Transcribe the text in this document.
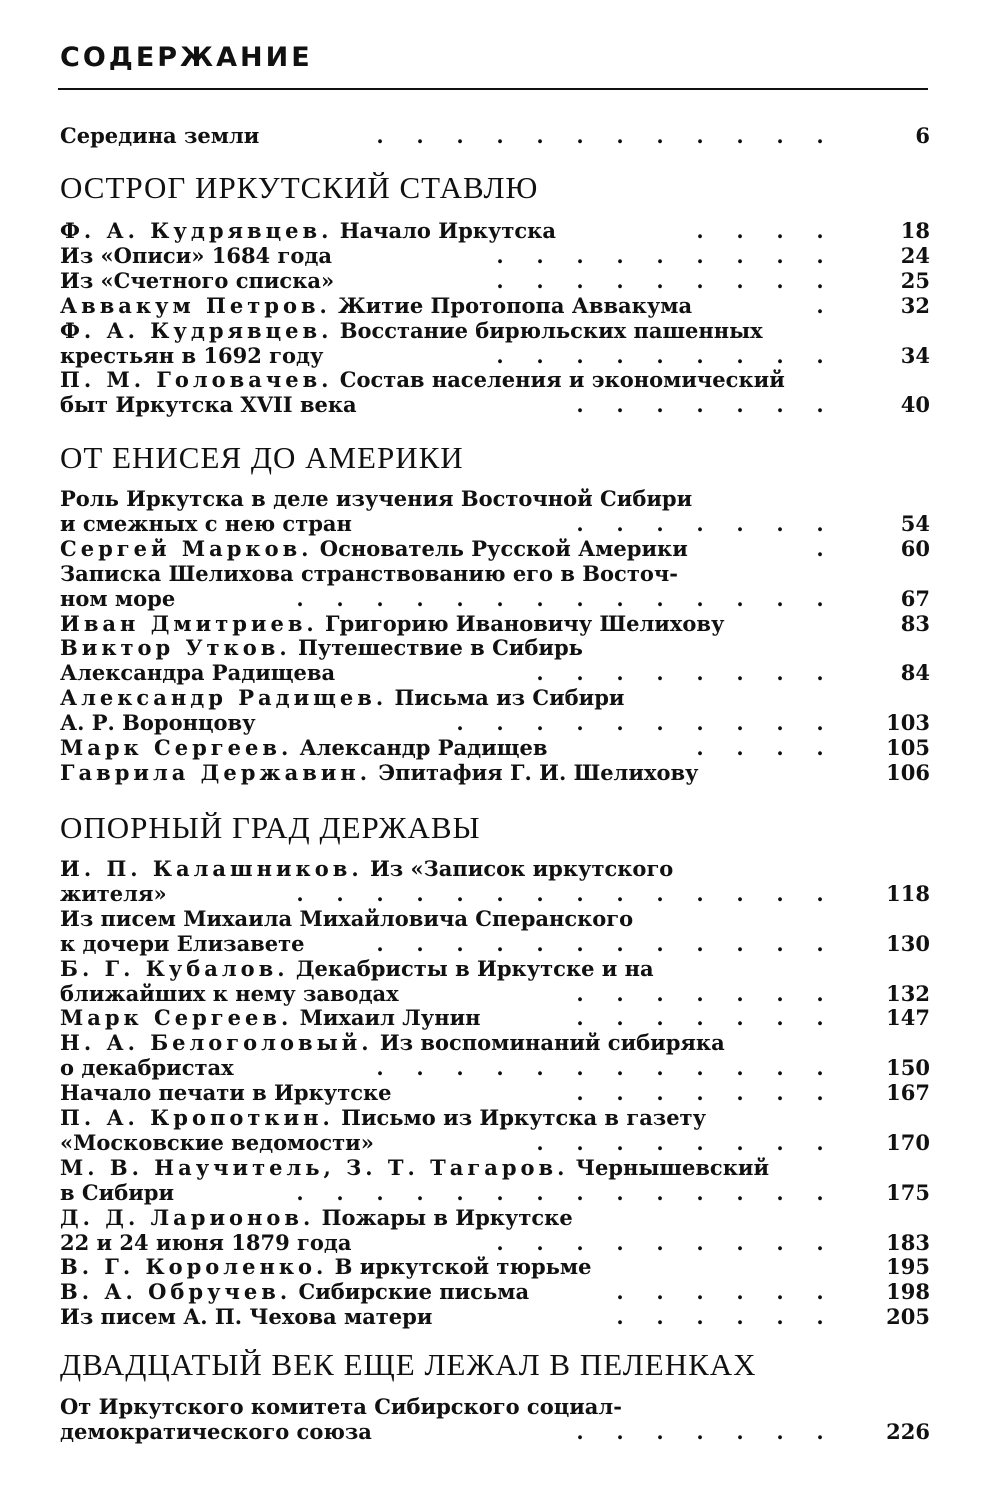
СОДЕРЖАНИЕ
Середина земли	. . . . . . . . . . . .	6
ОСТРОГ ИРКУТСКИЙ СТАВЛЮ
Ф. А. Кудрявцев. Начало Иркутска	. . . .	18
Из «Описи» 1684 года	. . . . . . . . .	24
Из «Счетного списка»	. . . . . . . . .	25
Аввакум Петров. Житие Протопопа Аввакума	.	32
Ф. А. Кудрявцев. Восстание бирюльских пашенных
крестьян в 1692 году	. . . . . . . . .	34
П. М. Головачев. Состав населения и экономический
быт Иркутска XVII века	. . . . . . .	40
ОТ ЕНИСЕЯ ДО АМЕРИКИ
Роль Иркутска в деле изучения Восточной Сибири
и смежных с нею стран	. . . . . . .	54
Сергей Марков. Основатель Русской Америки	.	60
Записка Шелихова странствованию его в Восточ-
ном море	. . . . . . . . . . . . . .	67
Иван Дмитриев. Григорию Ивановичу Шелихову	83
Виктор Утков. Путешествие в Сибирь
Александра Радищева	. . . . . . . .	84
Александр Радищев. Письма из Сибири
А. Р. Воронцову	. . . . . . . . . .	103
Марк Сергеев. Александр Радищев	. . . .	105
Гаврила Державин. Эпитафия Г. И. Шелихову	106
ОПОРНЫЙ ГРАД ДЕРЖАВЫ
И. П. Калашников. Из «Записок иркутского
жителя»	. . . . . . . . . . . . . .	118
Из писем Михаила Михайловича Сперанского
к дочери Елизавете	. . . . . . . . . . . .	130
Б. Г. Кубалов. Декабристы в Иркутске и на
ближайших к нему заводах	. . . . . . .	132
Марк Сергеев. Михаил Лунин	. . . . . . .	147
Н. А. Белоголовый. Из воспоминаний сибиряка
о декабристах	. . . . . . . . . . . .	150
Начало печати в Иркутске	. . . . . . .	167
П. А. Кропоткин. Письмо из Иркутска в газету
«Московские ведомости»	. . . . . . . .	170
М. В. Научитель, З. Т. Тагаров. Чернышевский
в Сибири	. . . . . . . . . . . . . .	175
Д. Д. Ларионов. Пожары в Иркутске
22 и 24 июня 1879 года	. . . . . . . . .	183
В. Г. Короленко. В иркутской тюрьме	195
В. А. Обручев. Сибирские письма	. . . . . .	198
Из писем А. П. Чехова матери	. . . . . .	205
ДВАДЦАТЫЙ ВЕК ЕЩЕ ЛЕЖАЛ В ПЕЛЕНКАХ
От Иркутского комитета Сибирского социал-
демократического союза	. . . . . . .	226
